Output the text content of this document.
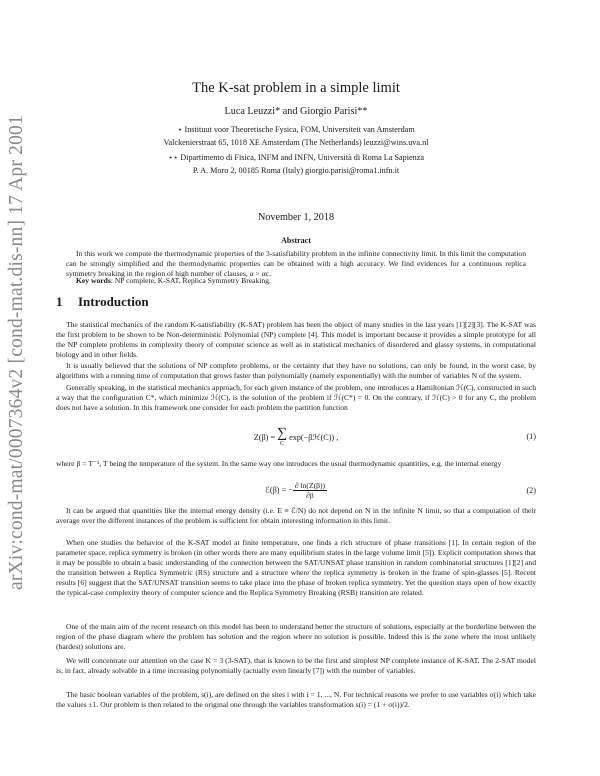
arXiv:cond-mat/0007364v2 [cond-mat.dis-nn] 17 Apr 2001
The K-sat problem in a simple limit
Luca Leuzzi* and Giorgio Parisi**
⋆ Instituut voor Theoretische Fysica, FOM, Universiteit van Amsterdam
Valckenierstraat 65, 1018 XE Amsterdam (The Netherlands) leuzzi@wins.uva.nl
⋆⋆ Dipartimento di Fisica, INFM and INFN, Università di Roma La Sapienza
P. A. Moro 2, 00185 Roma (Italy) giorgio.parisi@roma1.infn.it
November 1, 2018
Abstract
In this work we compute the thermodynamic properties of the 3-satisfiability problem in the infinite connectivity limit. In this limit the computation can be strongly simplified and the thermodynamic properties can be obtained with a high accuracy. We find evidences for a continuous replica symmetry breaking in the region of high number of clauses, α > αc.
Key words: NP complete, K-SAT, Replica Symmetry Breaking.
1 Introduction
The statistical mechanics of the random K-satisfiability (K-SAT) problem has been the object of many studies in the last years [1][2][3]. The K-SAT was the first problem to be shown to be Non-deterministic Polynomial (NP) complete [4]. This model is important because it provides a simple prototype for all the NP complete problems in complexity theory of computer science as well as in statistical mechanics of disordered and glassy systems, in computational biology and in other fields.
It is usually believed that the solutions of NP complete problems, or the certainty that they have no solutions, can only be found, in the worst case, by algorithms with a running time of computation that grows faster than polynomially (namely exponentially) with the number of variables N of the system.
Generally speaking, in the statistical mechanics approach, for each given instance of the problem, one introduces a Hamiltonian ℋ(C), constructed in such a way that the configuration C*, which minimize ℋ(C), is the solution of the problem if ℋ(C*) = 0. On the contrary, if ℋ(C) > 0 for any C, the problem does not have a solution. In this framework one consider for each problem the partition function
Z(β) = ∑
C
exp(−βℋ(C)) ,	(1)
where β = T⁻¹, T being the temperature of the system. In the same way one introduces the usual thermodynamic quantities, e.g. the internal energy
ℰ(β) = − $\frac{\partial \ln(Z(\beta))}{\partial\beta}$	(2)
It can be argued that quantities like the internal energy density (i.e. E ≡ ℰ/N) do not depend on N in the infinite N limit, so that a computation of their average over the different instances of the problem is sufficient for obtain interesting information in this limit.
When one studies the behavior of the K-SAT model at finite temperature, one finds a rich structure of phase transitions [1]. In certain region of the parameter space, replica symmetry is broken (in other words there are many equilibrium states in the large volume limit [5]). Explicit computation shows that it may be possible to obtain a basic understanding of the connection between the SAT/UNSAT phase transition in random combinatorial structures [1][2] and the transition between a Replica Symmetric (RS) structure and a structure where the replica symmetry is broken in the frame of spin-glasses [5]. Recent results [6] suggest that the SAT/UNSAT transition seems to take place into the phase of broken replica symmetry. Yet the question stays open of how exactly the typical-case complexity theory of computer science and the Replica Symmetry Breaking (RSB) transition are related.
One of the main aim of the recent research on this model has been to understand better the structure of solutions, especially at the borderline between the region of the phase diagram where the problem has solution and the region where no solution is possible. Indeed this is the zone where the most unlikely (hardest) solutions are.
We will concentrate our attention on the case K = 3 (3-SAT), that is known to be the first and simplest NP complete instance of K-SAT. The 2-SAT model is, in fact, already solvable in a time increasing polynomially (actually even linearly [7]) with the number of variables.
The basic boolean variables of the problem, s(i), are defined on the sites i with i = 1, ..., N. For technical reasons we prefer to use variables σ(i) which take the values ±1. Our problem is then related to the original one through the variables transformation s(i) = (1 + σ(i))/2.
